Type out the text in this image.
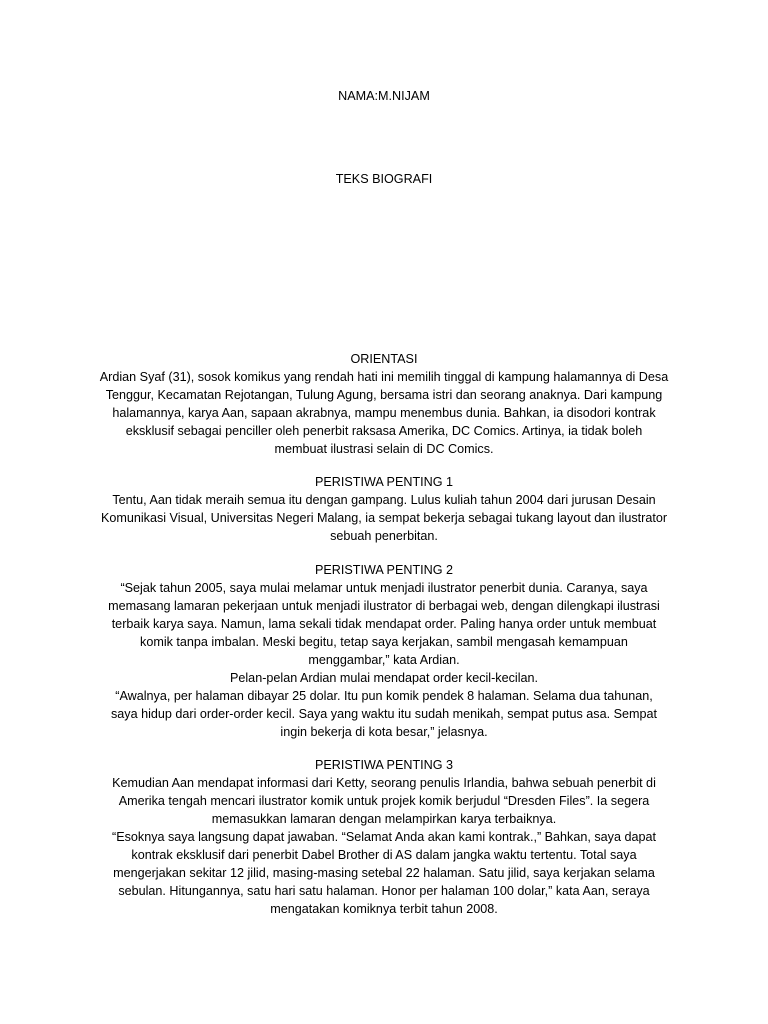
NAMA:M.NIJAM
TEKS BIOGRAFI
ORIENTASI
Ardian Syaf (31), sosok komikus yang rendah hati ini memilih tinggal di kampung halamannya di Desa
Tenggur, Kecamatan Rejotangan, Tulung Agung, bersama istri dan seorang anaknya. Dari kampung
halamannya, karya Aan, sapaan akrabnya, mampu menembus dunia. Bahkan, ia disodori kontrak
eksklusif sebagai penciller oleh penerbit raksasa Amerika, DC Comics. Artinya, ia tidak boleh
membuat ilustrasi selain di DC Comics.
PERISTIWA PENTING 1
Tentu, Aan tidak meraih semua itu dengan gampang. Lulus kuliah tahun 2004 dari jurusan Desain
Komunikasi Visual, Universitas Negeri Malang, ia sempat bekerja sebagai tukang layout dan ilustrator
sebuah penerbitan.
PERISTIWA PENTING 2
“Sejak tahun 2005, saya mulai melamar untuk menjadi ilustrator penerbit dunia. Caranya, saya
memasang lamaran pekerjaan untuk menjadi ilustrator di berbagai web, dengan dilengkapi ilustrasi
terbaik karya saya. Namun, lama sekali tidak mendapat order. Paling hanya order untuk membuat
komik tanpa imbalan. Meski begitu, tetap saya kerjakan, sambil mengasah kemampuan
menggambar,” kata Ardian.
Pelan-pelan Ardian mulai mendapat order kecil-kecilan.
“Awalnya, per halaman dibayar 25 dolar. Itu pun komik pendek 8 halaman. Selama dua tahunan,
saya hidup dari order-order kecil. Saya yang waktu itu sudah menikah, sempat putus asa. Sempat
ingin bekerja di kota besar,” jelasnya.
PERISTIWA PENTING 3
Kemudian Aan mendapat informasi dari Ketty, seorang penulis Irlandia, bahwa sebuah penerbit di
Amerika tengah mencari ilustrator komik untuk projek komik berjudul “Dresden Files”. Ia segera
memasukkan lamaran dengan melampirkan karya terbaiknya.
“Esoknya saya langsung dapat jawaban. “Selamat Anda akan kami kontrak.,” Bahkan, saya dapat
kontrak eksklusif dari penerbit Dabel Brother di AS dalam jangka waktu tertentu. Total saya
mengerjakan sekitar 12 jilid, masing-masing setebal 22 halaman. Satu jilid, saya kerjakan selama
sebulan. Hitungannya, satu hari satu halaman. Honor per halaman 100 dolar,” kata Aan, seraya
mengatakan komiknya terbit tahun 2008.
